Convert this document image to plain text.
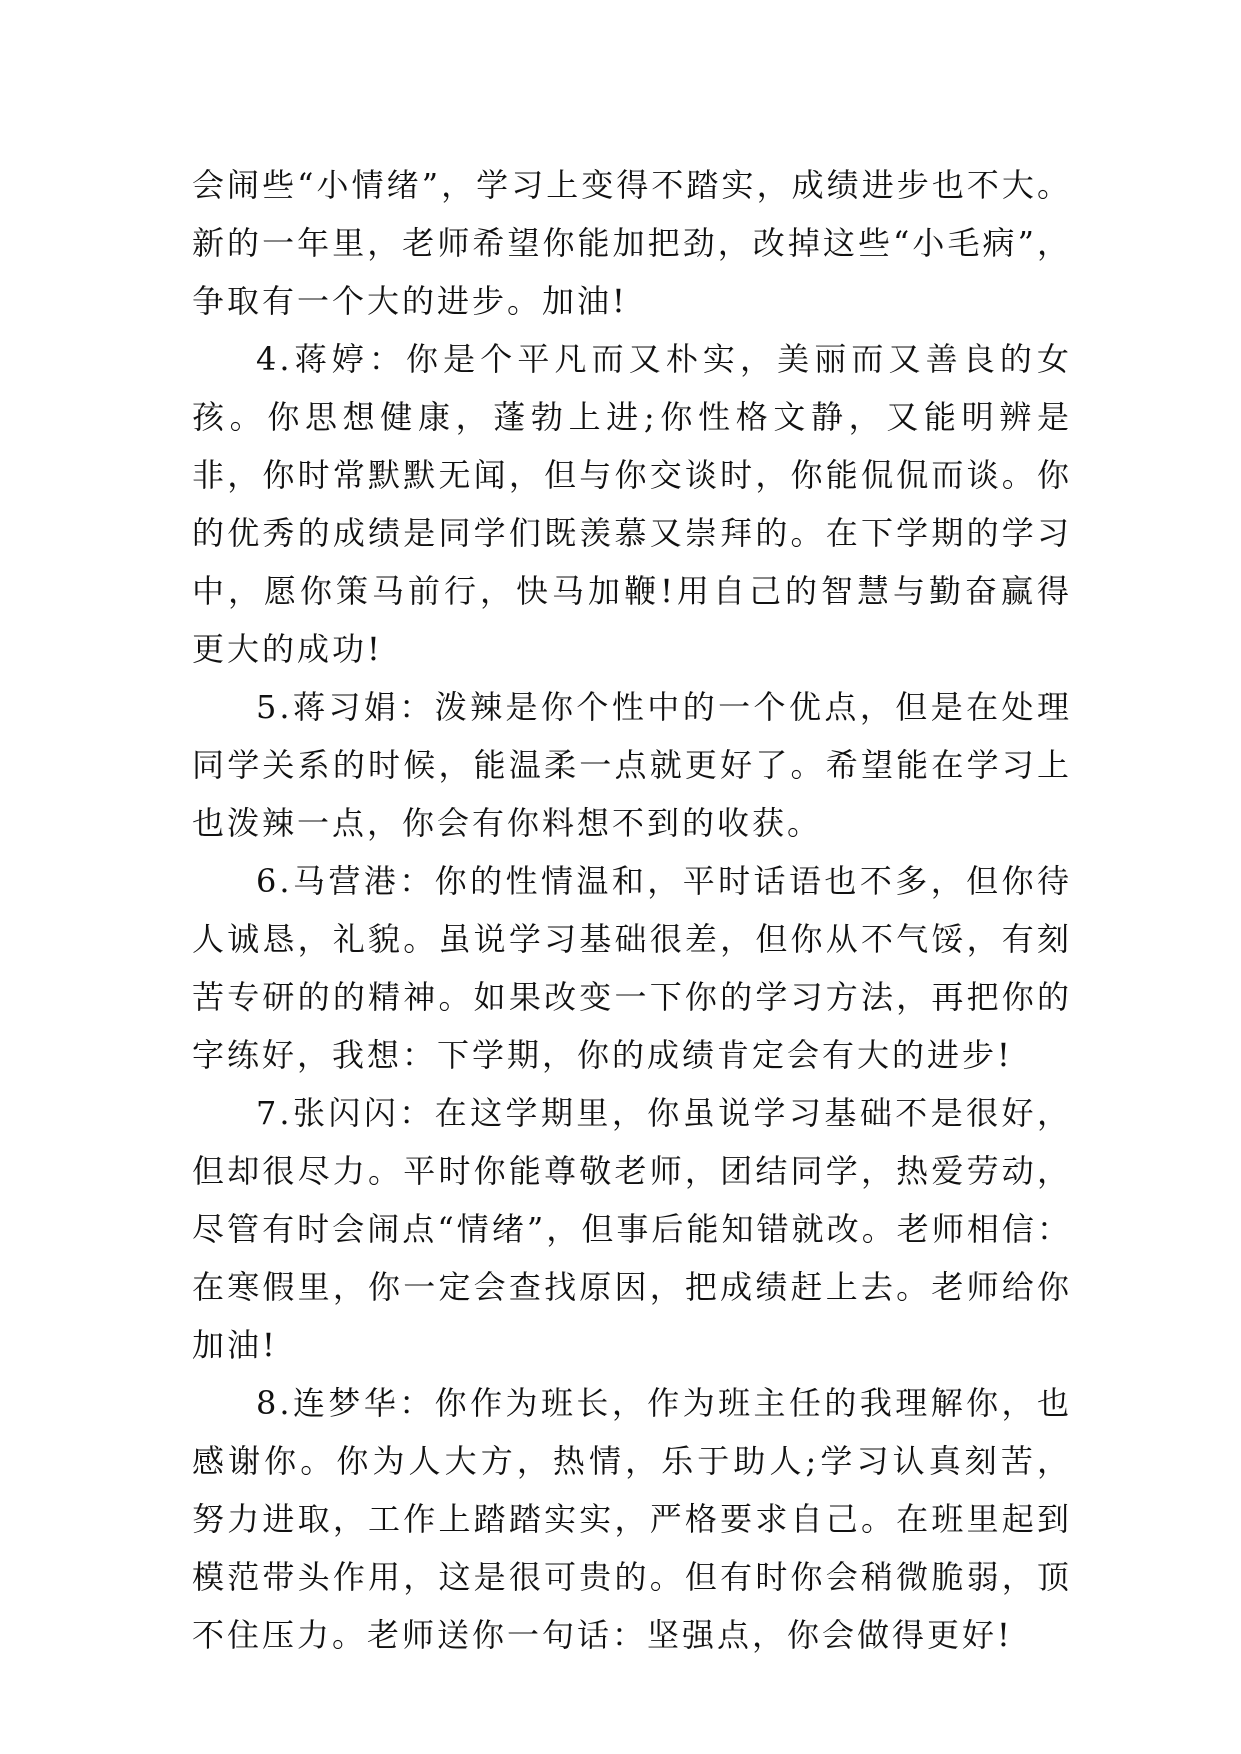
会闹些“小情绪”，学习上变得不踏实，成绩进步也不大。新的一年里，老师希望你能加把劲，改掉这些“小毛病”，争取有一个大的进步。加油!

4.蒋婷：你是个平凡而又朴实，美丽而又善良的女孩。你思想健康，蓬勃上进;你性格文静，又能明辨是非，你时常默默无闻，但与你交谈时，你能侃侃而谈。你的优秀的成绩是同学们既羡慕又崇拜的。在下学期的学习中，愿你策马前行，快马加鞭!用自己的智慧与勤奋赢得更大的成功!

5.蒋习娟：泼辣是你个性中的一个优点，但是在处理同学关系的时候，能温柔一点就更好了。希望能在学习上也泼辣一点，你会有你料想不到的收获。

6.马营港：你的性情温和，平时话语也不多，但你待人诚恳，礼貌。虽说学习基础很差，但你从不气馁，有刻苦专研的的精神。如果改变一下你的学习方法，再把你的字练好，我想：下学期，你的成绩肯定会有大的进步!

7.张闪闪：在这学期里，你虽说学习基础不是很好，但却很尽力。平时你能尊敬老师，团结同学，热爱劳动，尽管有时会闹点“情绪”，但事后能知错就改。老师相信：在寒假里，你一定会查找原因，把成绩赶上去。老师给你加油!

8.连梦华：你作为班长，作为班主任的我理解你，也感谢你。你为人大方，热情，乐于助人;学习认真刻苦，努力进取，工作上踏踏实实，严格要求自己。在班里起到模范带头作用，这是很可贵的。但有时你会稍微脆弱，顶不住压力。老师送你一句话：坚强点，你会做得更好!
